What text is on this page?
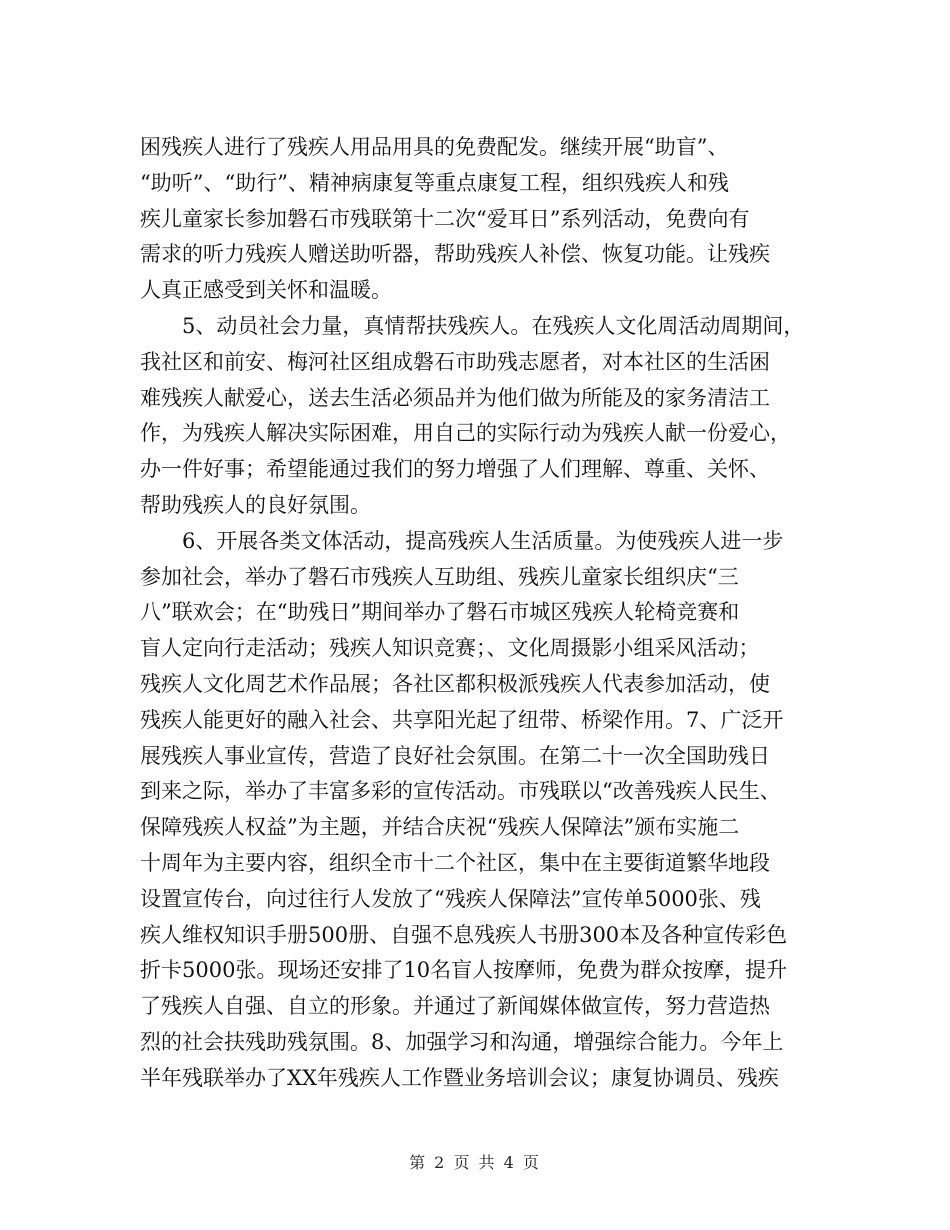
困残疾人进行了残疾人用品用具的免费配发。继续开展“助盲”、
“助听”、“助行”、精神病康复等重点康复工程，组织残疾人和残
疾儿童家长参加磐石市残联第十二次“爱耳日”系列活动，免费向有
需求的听力残疾人赠送助听器，帮助残疾人补偿、恢复功能。让残疾
人真正感受到关怀和温暖。
5、动员社会力量，真情帮扶残疾人。在残疾人文化周活动周期间，
我社区和前安、梅河社区组成磐石市助残志愿者，对本社区的生活困
难残疾人献爱心，送去生活必须品并为他们做为所能及的家务清洁工
作，为残疾人解决实际困难，用自己的实际行动为残疾人献一份爱心，
办一件好事；希望能通过我们的努力增强了人们理解、尊重、关怀、
帮助残疾人的良好氛围。
6、开展各类文体活动，提高残疾人生活质量。为使残疾人进一步
参加社会，举办了磐石市残疾人互助组、残疾儿童家长组织庆“三
八”联欢会；在“助残日”期间举办了磐石市城区残疾人轮椅竞赛和
盲人定向行走活动；残疾人知识竞赛；、文化周摄影小组采风活动；
残疾人文化周艺术作品展；各社区都积极派残疾人代表参加活动，使
残疾人能更好的融入社会、共享阳光起了纽带、桥梁作用。7、广泛开
展残疾人事业宣传，营造了良好社会氛围。在第二十一次全国助残日
到来之际，举办了丰富多彩的宣传活动。市残联以“改善残疾人民生、
保障残疾人权益”为主题，并结合庆祝“残疾人保障法”颁布实施二
十周年为主要内容，组织全市十二个社区，集中在主要街道繁华地段
设置宣传台，向过往行人发放了“残疾人保障法”宣传单5000张、残
疾人维权知识手册500册、自强不息残疾人书册300本及各种宣传彩色
折卡5000张。现场还安排了10名盲人按摩师，免费为群众按摩，提升
了残疾人自强、自立的形象。并通过了新闻媒体做宣传，努力营造热
烈的社会扶残助残氛围。8、加强学习和沟通，增强综合能力。今年上
半年残联举办了XX年残疾人工作暨业务培训会议；康复协调员、残疾
第 2 页 共 4 页
